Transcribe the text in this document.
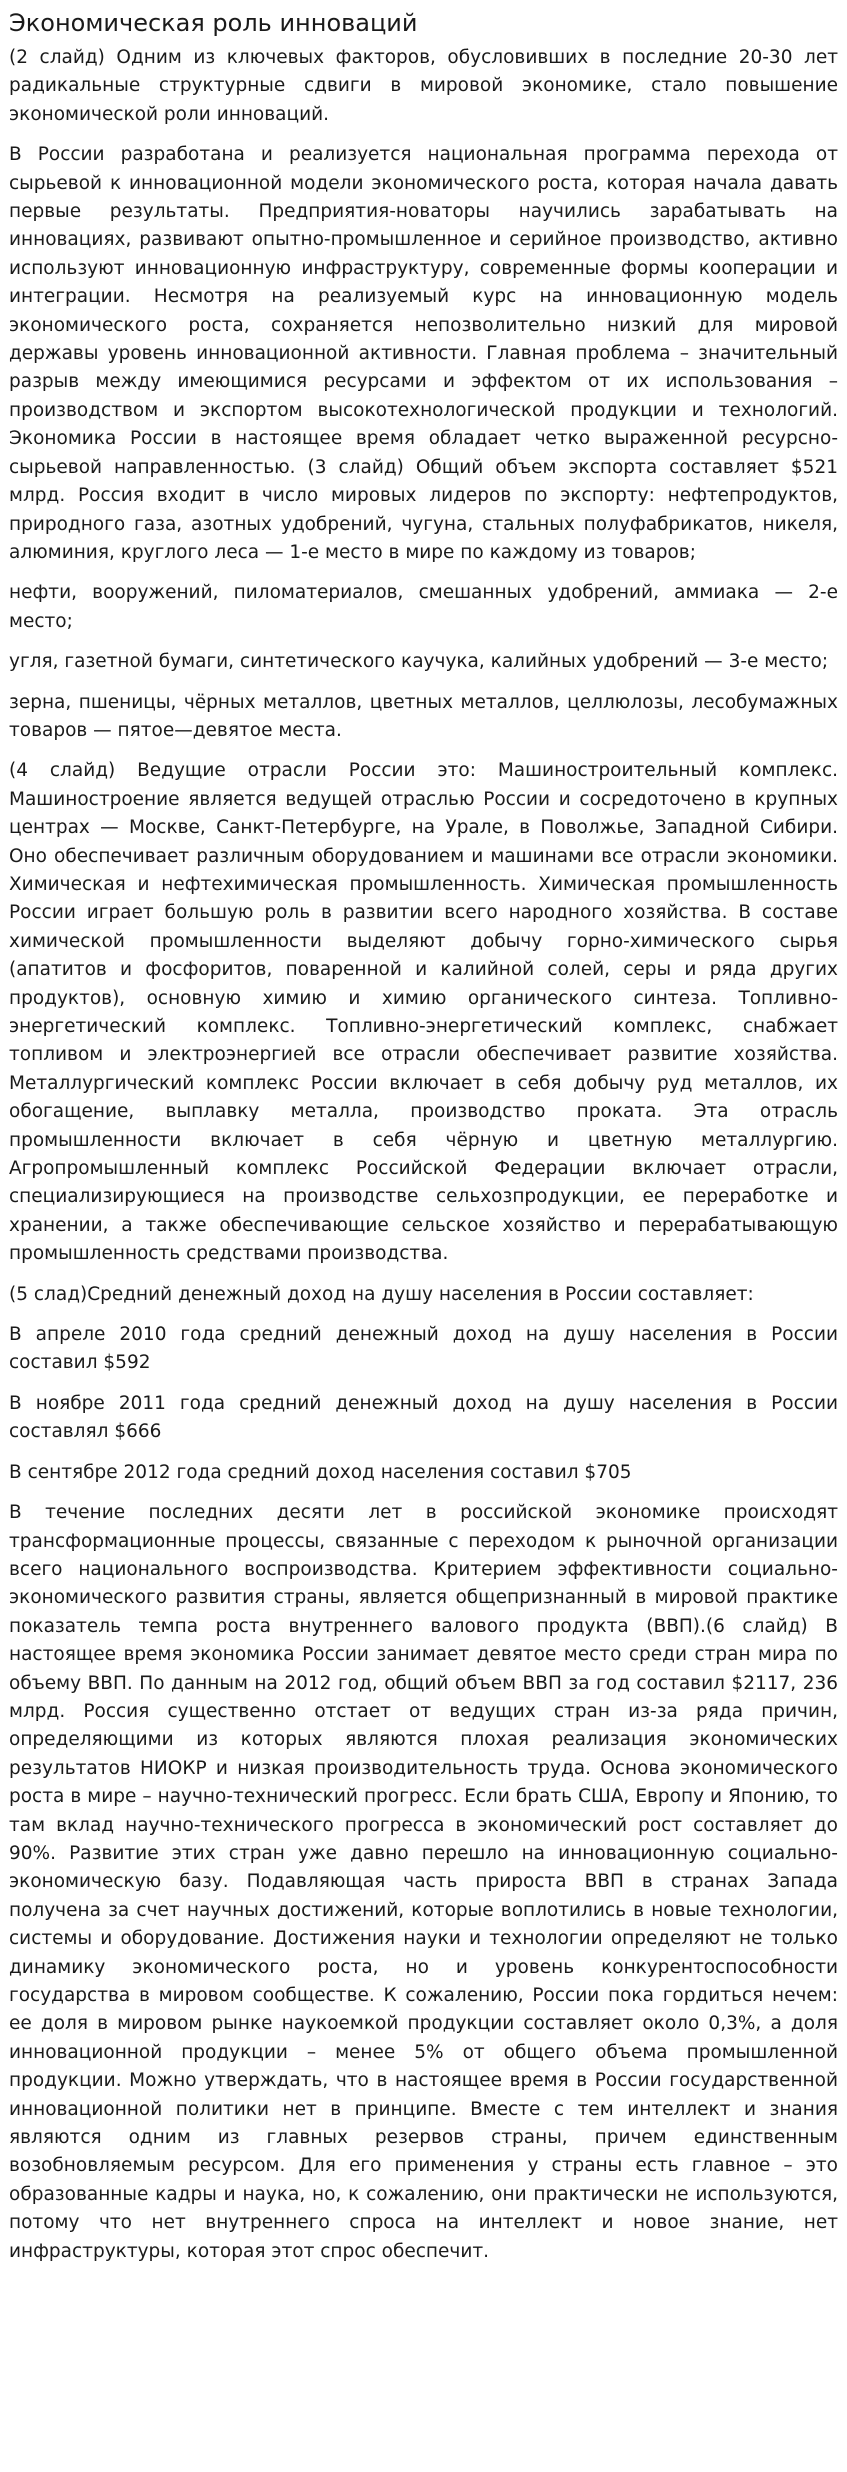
Экономическая роль инноваций

(2 слайд) Одним из ключевых факторов, обусловивших в последние 20-30 лет радикальные структурные сдвиги в мировой экономике, стало повышение экономической роли инноваций.

В России разработана и реализуется национальная программа перехода от сырьевой к инновационной модели экономического роста, которая начала давать первые результаты. Предприятия-новаторы научились зарабатывать на инновациях, развивают опытно-промышленное и серийное производство, активно используют инновационную инфраструктуру, современные формы кооперации и интеграции. Несмотря на реализуемый курс на инновационную модель экономического роста, сохраняется непозволительно низкий для мировой державы уровень инновационной активности. Главная проблема – значительный разрыв между имеющимися ресурсами и эффектом от их использования – производством и экспортом высокотехнологической продукции и технологий. Экономика России в настоящее время обладает четко выраженной ресурсно-сырьевой направленностью. (3 слайд) Общий объем экспорта составляет $521 млрд. Россия входит в число мировых лидеров по экспорту: нефтепродуктов, природного газа, азотных удобрений, чугуна, стальных полуфабрикатов, никеля, алюминия, круглого леса — 1-е место в мире по каждому из товаров;

нефти, вооружений, пиломатериалов, смешанных удобрений, аммиака — 2-е место;

угля, газетной бумаги, синтетического каучука, калийных удобрений — 3-е место;

зерна, пшеницы, чёрных металлов, цветных металлов, целлюлозы, лесобумажных товаров — пятое—девятое места.

(4 слайд) Ведущие отрасли России это: Машиностроительный комплекс. Машиностроение является ведущей отраслью России и сосредоточено в крупных центрах — Москве, Санкт-Петербурге, на Урале, в Поволжье, Западной Сибири. Оно обеспечивает различным оборудованием и машинами все отрасли экономики. Химическая и нефтехимическая промышленность. Химическая промышленность России играет большую роль в развитии всего народного хозяйства. В составе химической промышленности выделяют добычу горно-химического сырья (апатитов и фосфоритов, поваренной и калийной солей, серы и ряда других продуктов), основную химию и химию органического синтеза. Топливно-энергетический комплекс. Топливно-энергетический комплекс, снабжает топливом и электроэнергией все отрасли обеспечивает развитие хозяйства. Металлургический комплекс России включает в себя добычу руд металлов, их обогащение, выплавку металла, производство проката. Эта отрасль промышленности включает в себя чёрную и цветную металлургию. Агропромышленный комплекс Российской Федерации включает отрасли, специализирующиеся на производстве сельхозпродукции, ее переработке и хранении, а также обеспечивающие сельское хозяйство и перерабатывающую промышленность средствами производства.

(5 слад)Средний денежный доход на душу населения в России составляет:

В апреле 2010 года средний денежный доход на душу населения в России составил $592

В ноябре 2011 года средний денежный доход на душу населения в России составлял $666

В сентябре 2012 года средний доход населения составил $705

В течение последних десяти лет в российской экономике происходят трансформационные процессы, связанные с переходом к рыночной организации всего национального воспроизводства. Критерием эффективности социально-экономического развития страны, является общепризнанный в мировой практике показатель темпа роста внутреннего валового продукта (ВВП).(6 слайд) В настоящее время экономика России занимает девятое место среди стран мира по объему ВВП. По данным на 2012 год, общий объем ВВП за год составил $2117, 236 млрд. Россия существенно отстает от ведущих стран из-за ряда причин, определяющими из которых являются плохая реализация экономических результатов НИОКР и низкая производительность труда. Основа экономического роста в мире – научно-технический прогресс. Если брать США, Европу и Японию, то там вклад научно-технического прогресса в экономический рост составляет до 90%. Развитие этих стран уже давно перешло на инновационную социально-экономическую базу. Подавляющая часть прироста ВВП в странах Запада получена за счет научных достижений, которые воплотились в новые технологии, системы и оборудование. Достижения науки и технологии определяют не только динамику экономического роста, но и уровень конкурентоспособности государства в мировом сообществе. К сожалению, России пока гордиться нечем: ее доля в мировом рынке наукоемкой продукции составляет около 0,3%, а доля инновационной продукции – менее 5% от общего объема промышленной продукции. Можно утверждать, что в настоящее время в России государственной инновационной политики нет в принципе. Вместе с тем интеллект и знания являются одним из главных резервов страны, причем единственным возобновляемым ресурсом. Для его применения у страны есть главное – это образованные кадры и наука, но, к сожалению, они практически не используются, потому что нет внутреннего спроса на интеллект и новое знание, нет инфраструктуры, которая этот спрос обеспечит.
